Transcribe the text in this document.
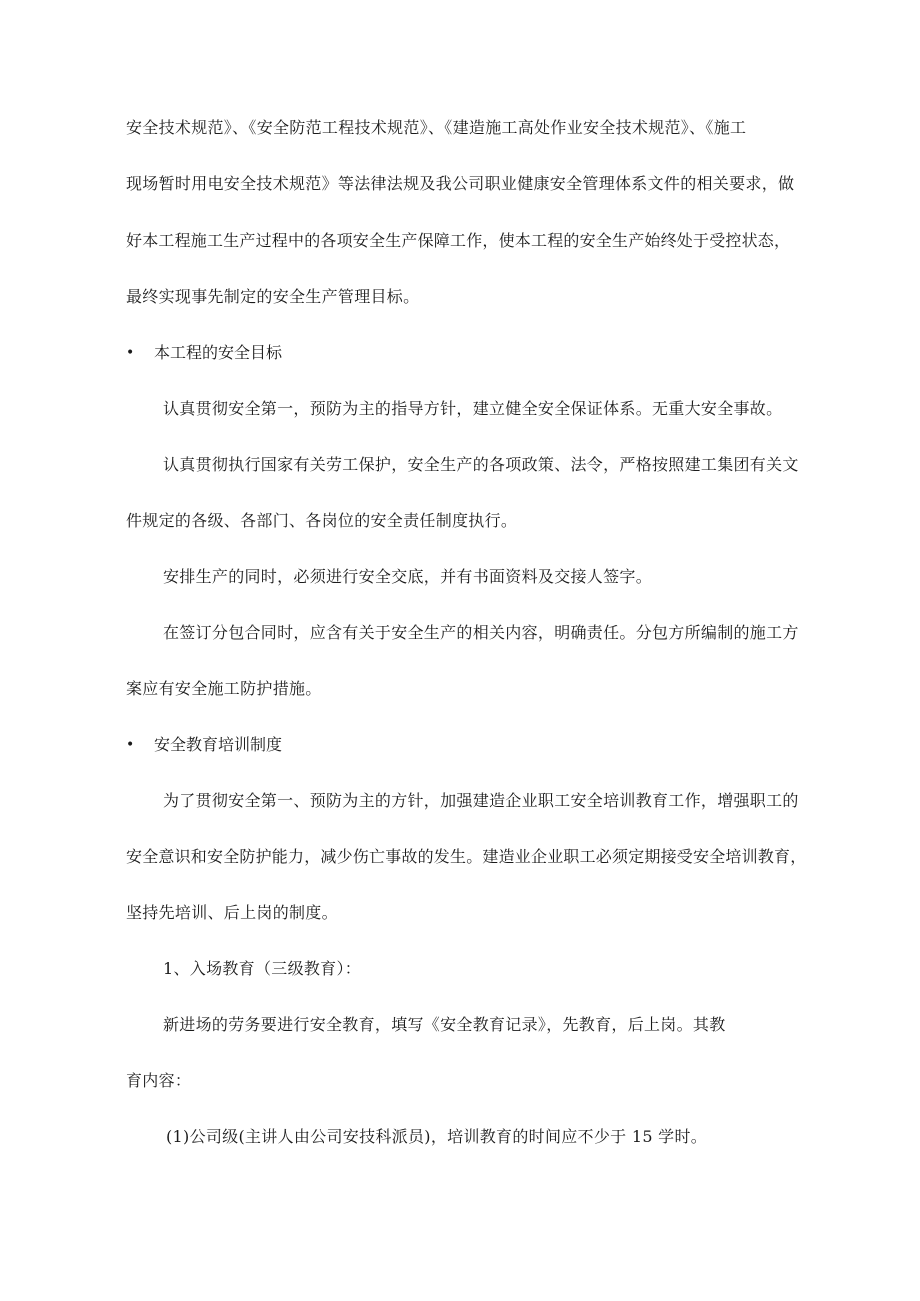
安全技术规范》、《安全防范工程技术规范》、《建造施工高处作业安全技术规范》、《施工
现场暂时用电安全技术规范》等法律法规及我公司职业健康安全管理体系文件的相关要求，做
好本工程施工生产过程中的各项安全生产保障工作，使本工程的安全生产始终处于受控状态，
最终实现事先制定的安全生产管理目标。
• 本工程的安全目标
认真贯彻安全第一，预防为主的指导方针，建立健全安全保证体系。无重大安全事故。
认真贯彻执行国家有关劳工保护，安全生产的各项政策、法令，严格按照建工集团有关文
件规定的各级、各部门、各岗位的安全责任制度执行。
安排生产的同时，必须进行安全交底，并有书面资料及交接人签字。
在签订分包合同时，应含有关于安全生产的相关内容，明确责任。分包方所编制的施工方
案应有安全施工防护措施。
• 安全教育培训制度
为了贯彻安全第一、预防为主的方针，加强建造企业职工安全培训教育工作，增强职工的
安全意识和安全防护能力，减少伤亡事故的发生。建造业企业职工必须定期接受安全培训教育，
坚持先培训、后上岗的制度。
1、入场教育（三级教育）：
新进场的劳务要进行安全教育，填写《安全教育记录》，先教育，后上岗。其教
育内容：
(1)公司级(主讲人由公司安技科派员)，培训教育的时间应不少于 15 学时。
